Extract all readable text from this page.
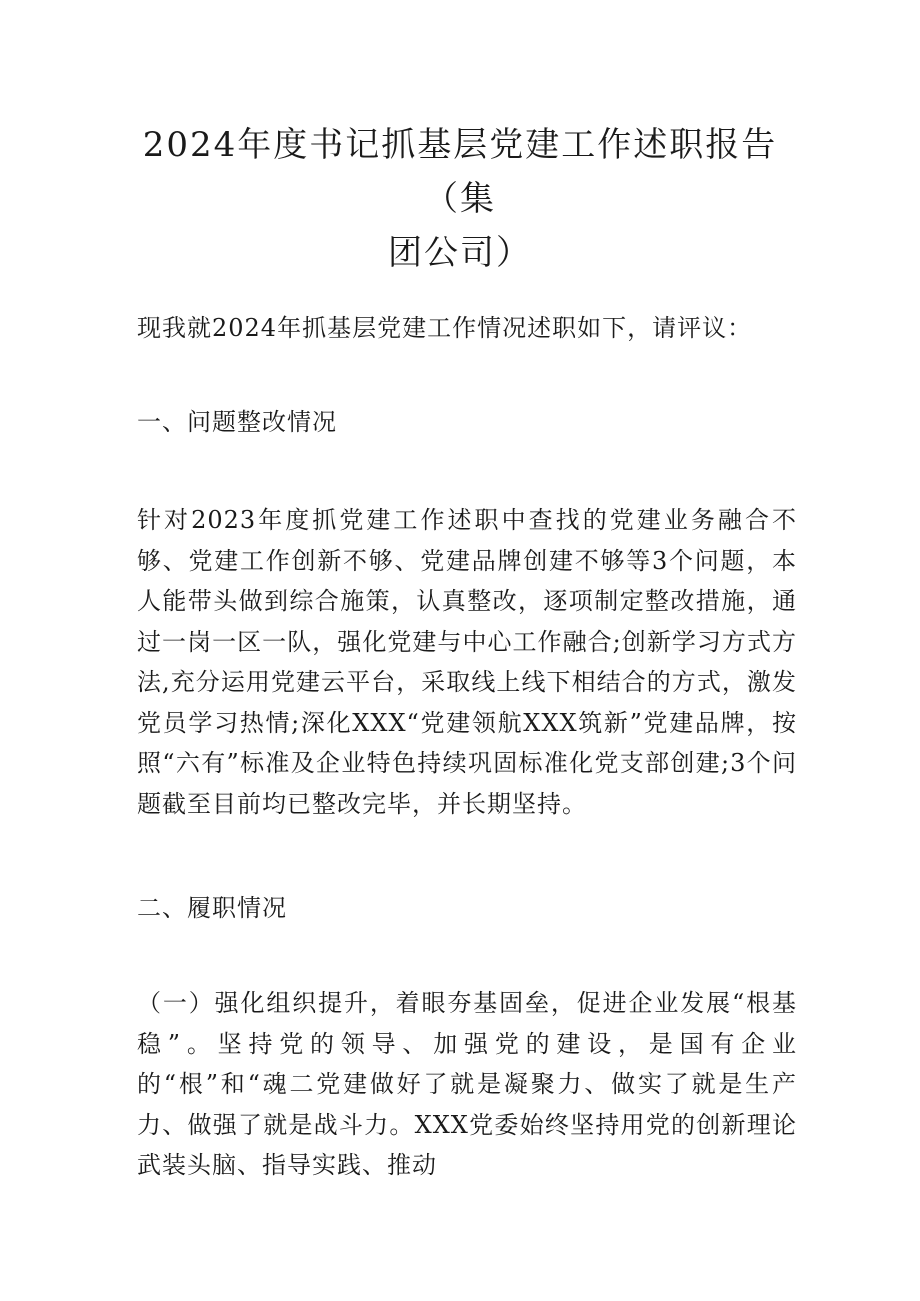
2024年度书记抓基层党建工作述职报告（集
团公司）

现我就2024年抓基层党建工作情况述职如下，请评议：

一、问题整改情况

针对2023年度抓党建工作述职中查找的党建业务融合不够、党建工作创新不够、党建品牌创建不够等3个问题，本人能带头做到综合施策，认真整改，逐项制定整改措施，通过一岗一区一队，强化党建与中心工作融合;创新学习方式方法,充分运用党建云平台，采取线上线下相结合的方式，激发党员学习热情;深化XXX“党建领航XXX筑新”党建品牌，按照“六有”标准及企业特色持续巩固标准化党支部创建;3个问题截至目前均已整改完毕，并长期坚持。

二、履职情况

（一）强化组织提升，着眼夯基固垒，促进企业发展“根基稳”。坚持党的领导、加强党的建设，是国有企业的“根”和“魂二党建做好了就是凝聚力、做实了就是生产力、做强了就是战斗力。XXX党委始终坚持用党的创新理论武装头脑、指导实践、推动
